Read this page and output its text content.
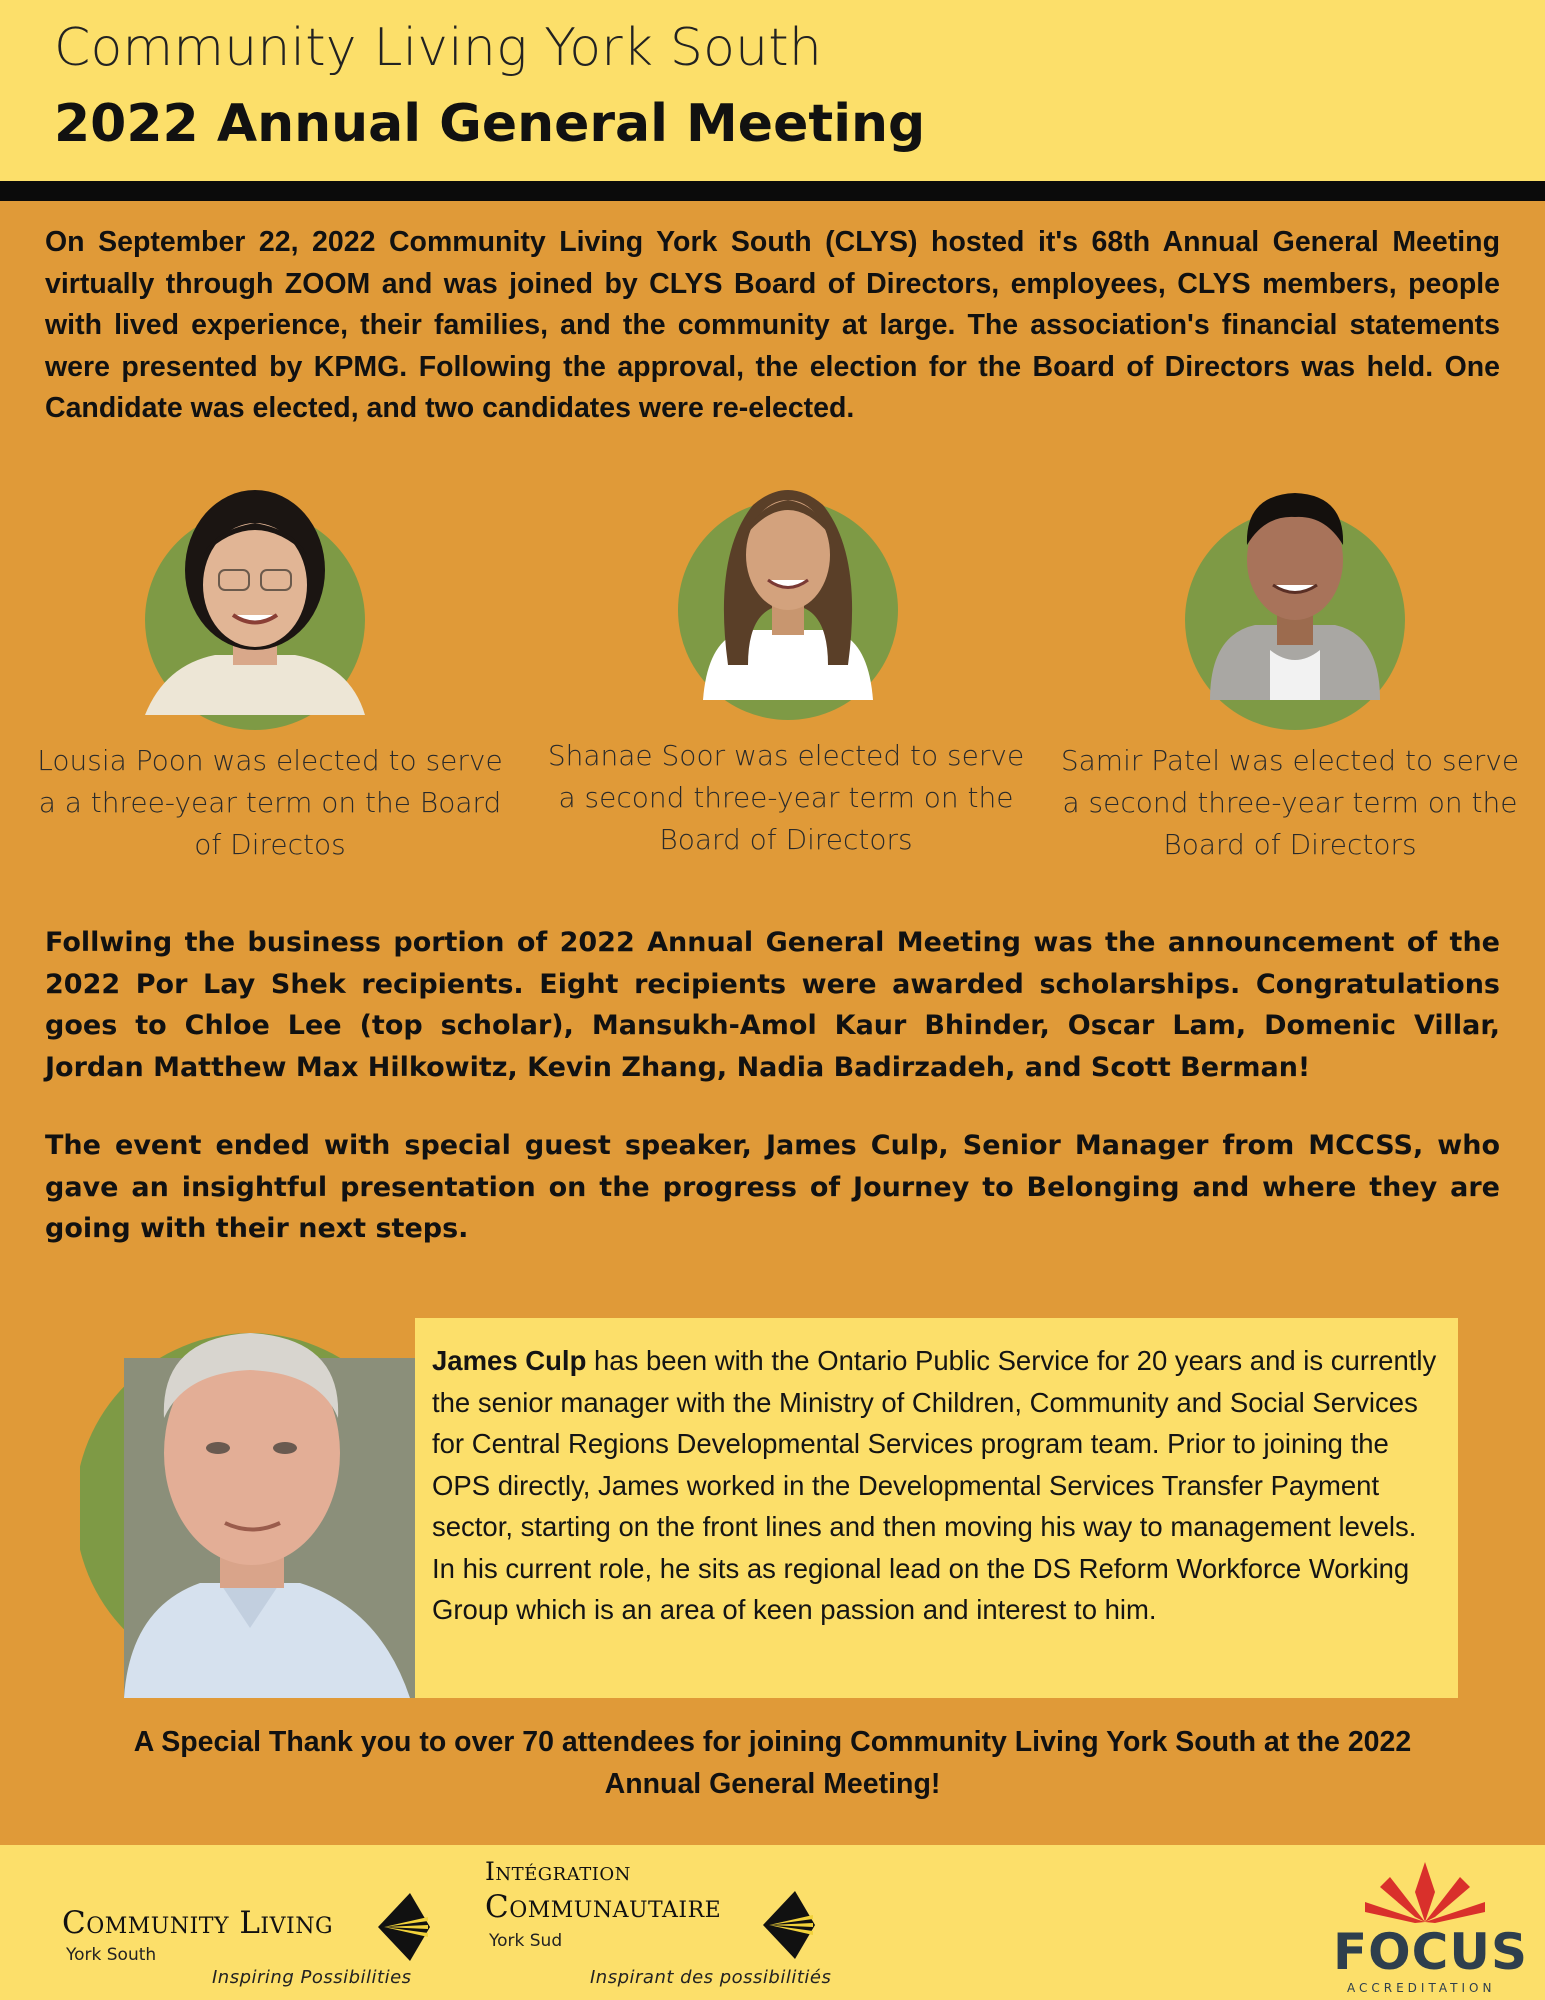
Community Living York South
2022 Annual General Meeting

On September 22, 2022 Community Living York South (CLYS) hosted it's 68th Annual General Meeting virtually through ZOOM and was joined by CLYS Board of Directors, employees, CLYS members, people with lived experience, their families, and the community at large. The association's financial statements were presented by KPMG. Following the approval, the election for the Board of Directors was held. One Candidate was elected, and two candidates were re-elected.

Lousia Poon was elected to serve a a three-year term on the Board of Directos

Shanae Soor was elected to serve a second three-year term on the Board of Directors

Samir Patel was elected to serve a second three-year term on the Board of Directors

Follwing the business portion of 2022 Annual General Meeting was the announcement of the 2022 Por Lay Shek recipients. Eight recipients were awarded scholarships. Congratulations goes to Chloe Lee (top scholar), Mansukh-Amol Kaur Bhinder, Oscar Lam, Domenic Villar, Jordan Matthew Max Hilkowitz, Kevin Zhang, Nadia Badirzadeh, and Scott Berman!

The event ended with special guest speaker, James Culp, Senior Manager from MCCSS, who gave an insightful presentation on the progress of Journey to Belonging and where they are going with their next steps.

James Culp has been with the Ontario Public Service for 20 years and is currently the senior manager with the Ministry of Children, Community and Social Services for Central Regions Developmental Services program team. Prior to joining the OPS directly, James worked in the Developmental Services Transfer Payment sector, starting on the front lines and then moving his way to management levels. In his current role, he sits as regional lead on the DS Reform Workforce Working Group which is an area of keen passion and interest to him.

A Special Thank you to over 70 attendees for joining Community Living York South at the 2022 Annual General Meeting!

Community Living
York South
Inspiring Possibilities
Intégration
Communautaire
York Sud
Inspirant des possibilitiés	FOCUS
ACCREDITATION
